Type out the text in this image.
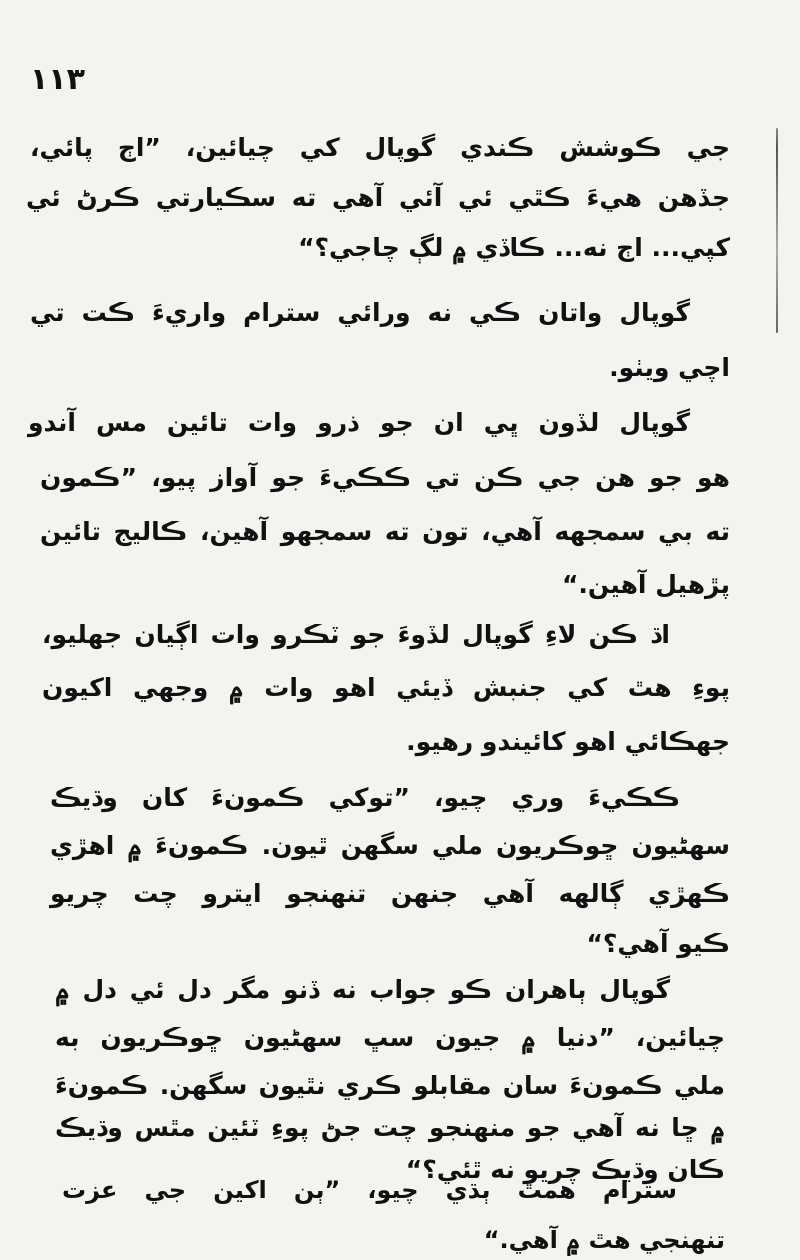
١١٣
جي ڪوشش ڪندي گوپال کي چيائين، ”اڄ پائي،
جڏهن هيءَ ڪٿي ئي آئي آهي ته سڪيارتي ڪرڻ ئي
کپي... اڄ نه... ڪاڏي ۾ لڳ چاجي؟“
گوپال واتان ڪي نه ورائي سترام واريءَ ڪت تي
اچي ويٺو.
گوپال لڏون ڀي ان جو ذرو وات تائين مس آندو
هو جو هن جي ڪن تي ڪڪيءَ جو آواز پيو، ”ڪمون
ته بي سمجهه آهي، تون ته سمجهو آهين، ڪاليج تائين
پڙهيل آهين.“
اڌ ڪن لاءِ گوپال لڏوءَ جو ٽڪرو وات اڳيان جهليو،
پوءِ هٿ کي جنبش ڏيئي اهو وات ۾ وجهي اکيون
جهڪائي اهو کائيندو رهيو.
ڪڪيءَ وري چيو، ”توکي ڪمونءَ کان وڌيڪ
سهڻيون ڇوڪريون ملي سگهن ٿيون. ڪمونءَ ۾ اهڙي
ڪهڙي ڳالهه آهي جنهن تنهنجو ايترو چت چريو
ڪيو آهي؟“
گوپال ٻاهران ڪو جواب نه ڏنو مگر دل ئي دل ۾
چيائين، ”دنيا ۾ جيون سڀ سهڻيون ڇوڪريون به
ملي ڪمونءَ سان مقابلو ڪري نٿيون سگهن. ڪمونءَ
۾ ڇا نه آهي جو منهنجو چت جڻ پوءِ ٽئين مٿس وڌيڪ
ڪان وڌيڪ چريو نه ٿئي؟“
سترام همٿ ٻڌي چيو، ”ٻن اکين جي عزت
تنهنجي هٿ ۾ آهي.“
